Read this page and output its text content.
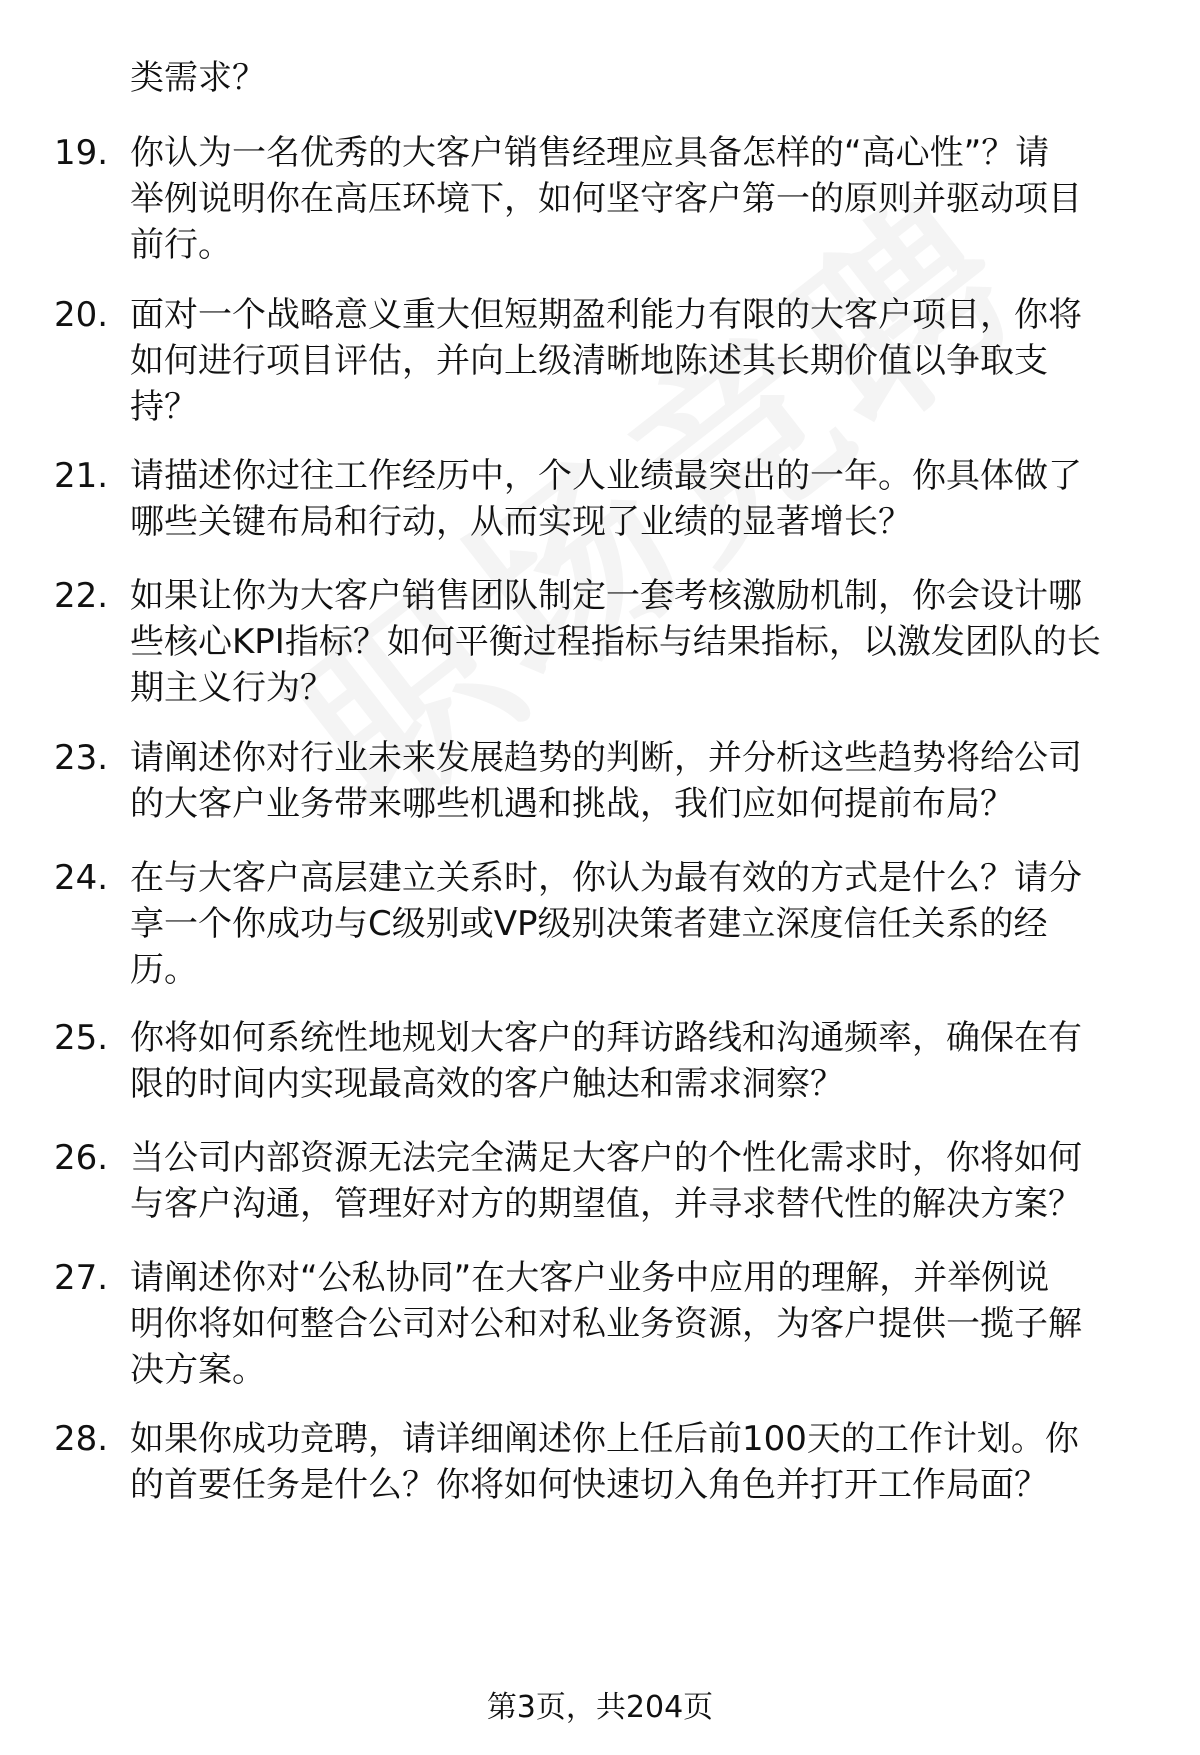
类需求？
19. 你认为一名优秀的大客户销售经理应具备怎样的“高心性”？请
举例说明你在高压环境下，如何坚守客户第一的原则并驱动项目
前行。
20. 面对一个战略意义重大但短期盈利能力有限的大客户项目，你将
如何进行项目评估，并向上级清晰地陈述其长期价值以争取支
持？
21. 请描述你过往工作经历中，个人业绩最突出的一年。你具体做了
哪些关键布局和行动，从而实现了业绩的显著增长？
22. 如果让你为大客户销售团队制定一套考核激励机制，你会设计哪
些核心KPI指标？如何平衡过程指标与结果指标，以激发团队的长
期主义行为？
23. 请阐述你对行业未来发展趋势的判断，并分析这些趋势将给公司
的大客户业务带来哪些机遇和挑战，我们应如何提前布局？
24. 在与大客户高层建立关系时，你认为最有效的方式是什么？请分
享一个你成功与C级别或VP级别决策者建立深度信任关系的经
历。
25. 你将如何系统性地规划大客户的拜访路线和沟通频率，确保在有
限的时间内实现最高效的客户触达和需求洞察？
26. 当公司内部资源无法完全满足大客户的个性化需求时，你将如何
与客户沟通，管理好对方的期望值，并寻求替代性的解决方案？
27. 请阐述你对“公私协同”在大客户业务中应用的理解，并举例说
明你将如何整合公司对公和对私业务资源，为客户提供一揽子解
决方案。
28. 如果你成功竞聘，请详细阐述你上任后前100天的工作计划。你
的首要任务是什么？你将如何快速切入角色并打开工作局面？
第3页，共204页
